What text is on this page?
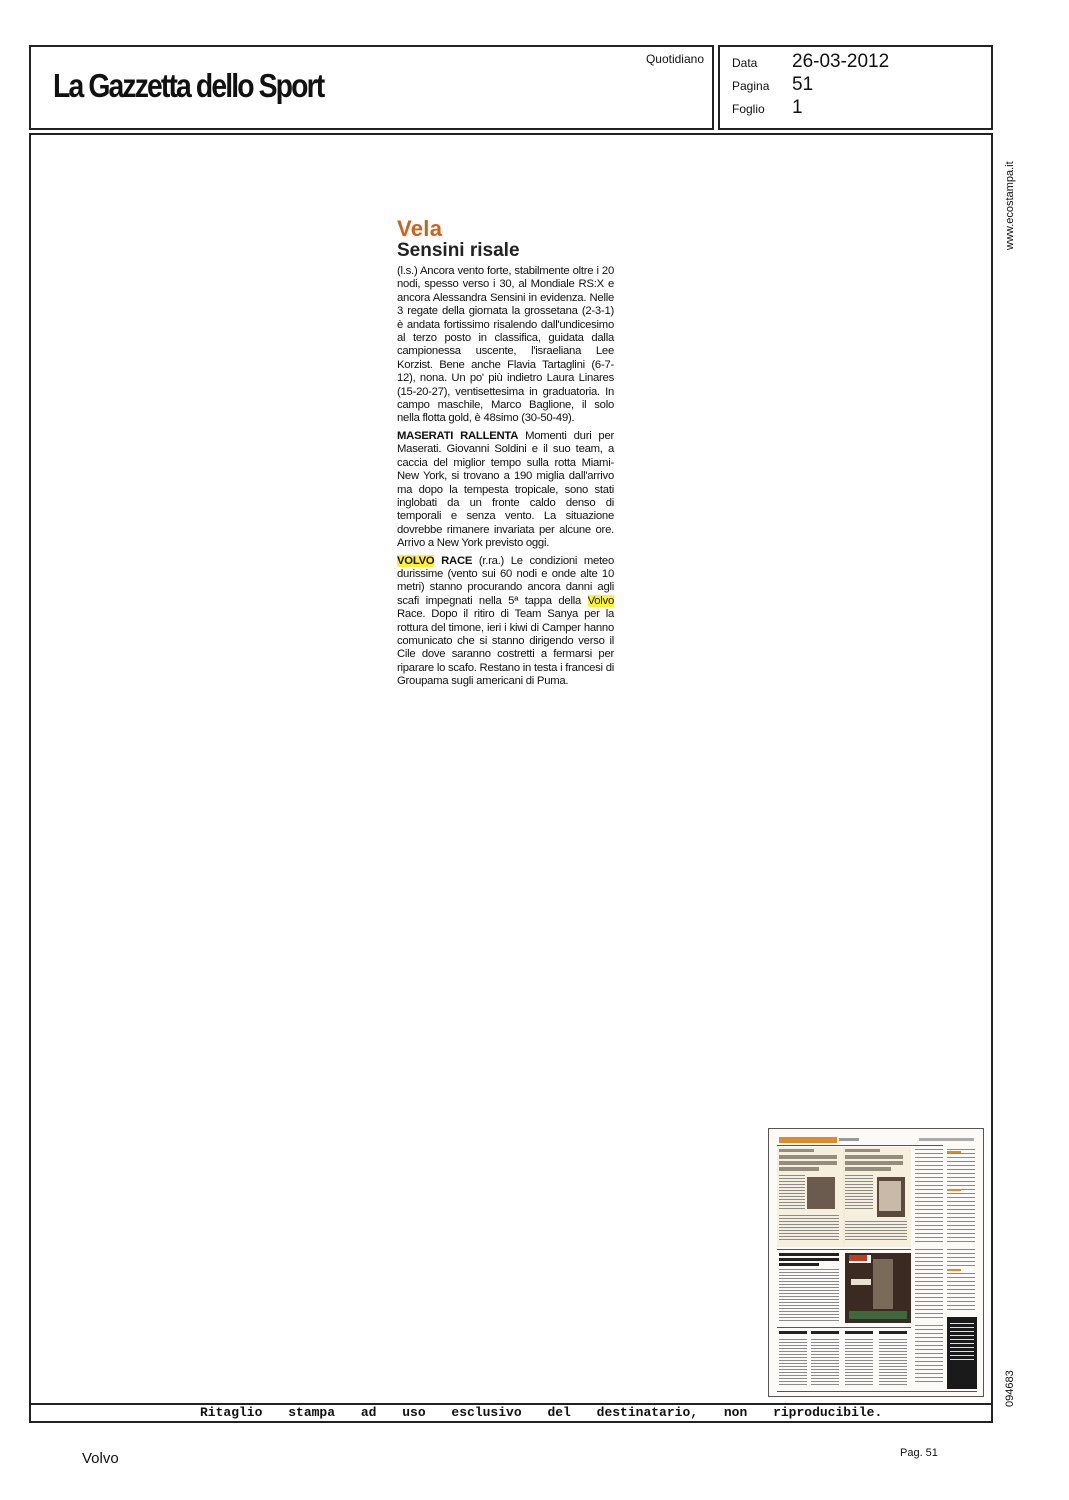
La Gazzetta dello Sport
Quotidiano Data	26-03-2012
Pagina	51
Foglio	1
www.ecostampa.it
094683
Vela
Sensini risale
(l.s.) Ancora vento forte, stabilmente oltre i 20 nodi, spesso verso i 30, al Mondiale RS:X e ancora Alessandra Sensini in evidenza. Nelle 3 regate della giornata la grossetana (2-3-1) è andata fortissimo risalendo dall'undicesimo al terzo posto in classifica, guidata dalla campionessa uscente, l'israeliana Lee Korzist. Bene anche Flavia Tartaglini (6-7-12), nona. Un po' più indietro Laura Linares (15-20-27), ventisettesima in graduatoria. In campo maschile, Marco Baglione, il solo nella flotta gold, è 48simo (30-50-49).
MASERATI RALLENTA Momenti duri per Maserati. Giovanni Soldini e il suo team, a caccia del miglior tempo sulla rotta Miami-New York, si trovano a 190 miglia dall'arrivo ma dopo la tempesta tropicale, sono stati inglobati da un fronte caldo denso di temporali e senza vento. La situazione dovrebbe rimanere invariata per alcune ore. Arrivo a New York previsto oggi.
VOLVO RACE (r.ra.) Le condizioni meteo durissime (vento sui 60 nodi e onde alte 10 metri) stanno procurando ancora danni agli scafi impegnati nella 5ª tappa della Volvo Race. Dopo il ritiro di Team Sanya per la rottura del timone, ieri i kiwi di Camper hanno comunicato che si stanno dirigendo verso il Cile dove saranno costretti a fermarsi per riparare lo scafo. Restano in testa i francesi di Groupama sugli americani di Puma.
Ritaglio stampa ad uso esclusivo del destinatario, non riproducibile.
Volvo	Pag. 51
